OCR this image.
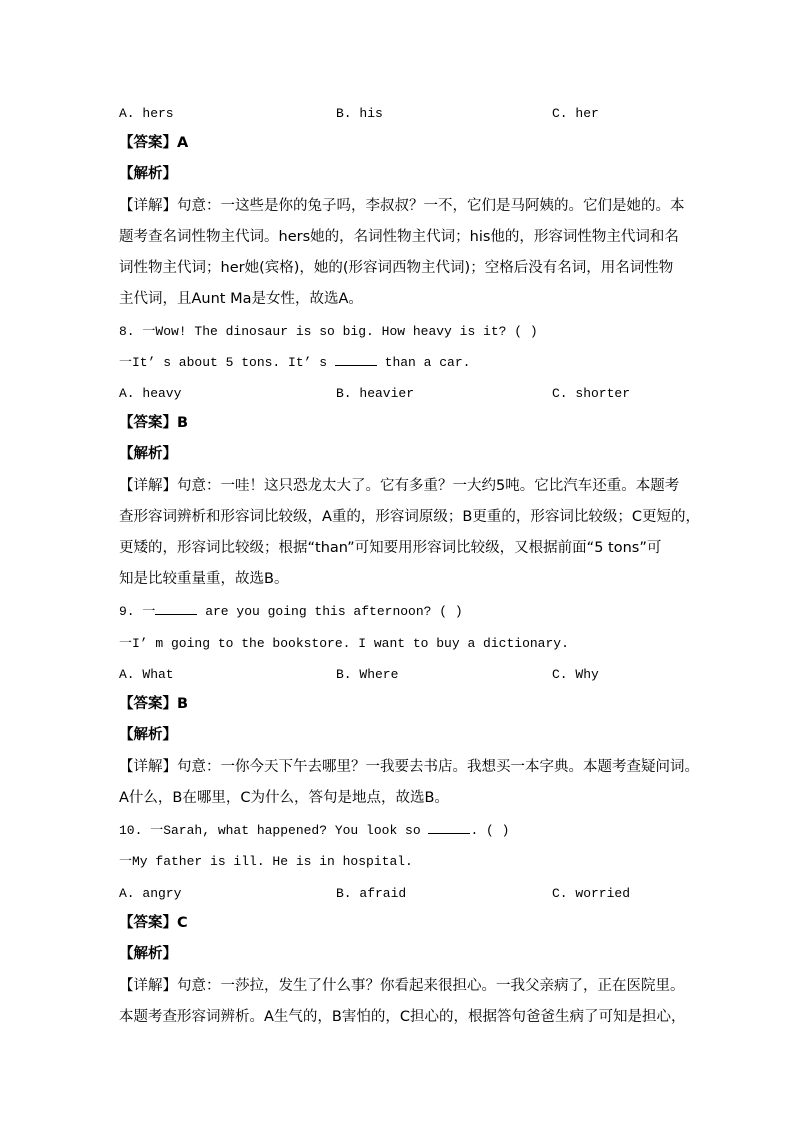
A. hers	B. his	C. her
【答案】A
【解析】
【详解】句意：一这些是你的兔子吗，李叔叔？一不，它们是马阿姨的。它们是她的。本
题考查名词性物主代词。hers她的，名词性物主代词；his他的，形容词性物主代词和名
词性物主代词；her她(宾格)，她的(形容词西物主代词)；空格后没有名词，用名词性物
主代词，且Aunt Ma是女性，故选A。
8. 一Wow! The dinosaur is so big. How heavy is it? ( )
一It’ s about 5 tons. It’ s	than a car.
A. heavy	B. heavier	C. shorter
【答案】B
【解析】
【详解】句意：一哇！这只恐龙太大了。它有多重？一大约5吨。它比汽车还重。本题考
查形容词辨析和形容词比较级，A重的，形容词原级；B更重的，形容词比较级；C更短的，
更矮的，形容词比较级；根据“than”可知要用形容词比较级，又根据前面“5 tons”可
知是比较重量重，故选B。
9. 一	are you going this afternoon? ( )
一I’ m going to the bookstore. I want to buy a dictionary.
A. What	B. Where	C. Why
【答案】B
【解析】
【详解】句意：一你今天下午去哪里？一我要去书店。我想买一本字典。本题考查疑问词。
A什么，B在哪里，C为什么，答句是地点，故选B。
10. 一Sarah, what happened? You look so	. ( )
一My father is ill. He is in hospital.
A. angry	B. afraid	C. worried
【答案】C
【解析】
【详解】句意：一莎拉，发生了什么事？你看起来很担心。一我父亲病了，正在医院里。
本题考查形容词辨析。A生气的，B害怕的，C担心的，根据答句爸爸生病了可知是担心，
